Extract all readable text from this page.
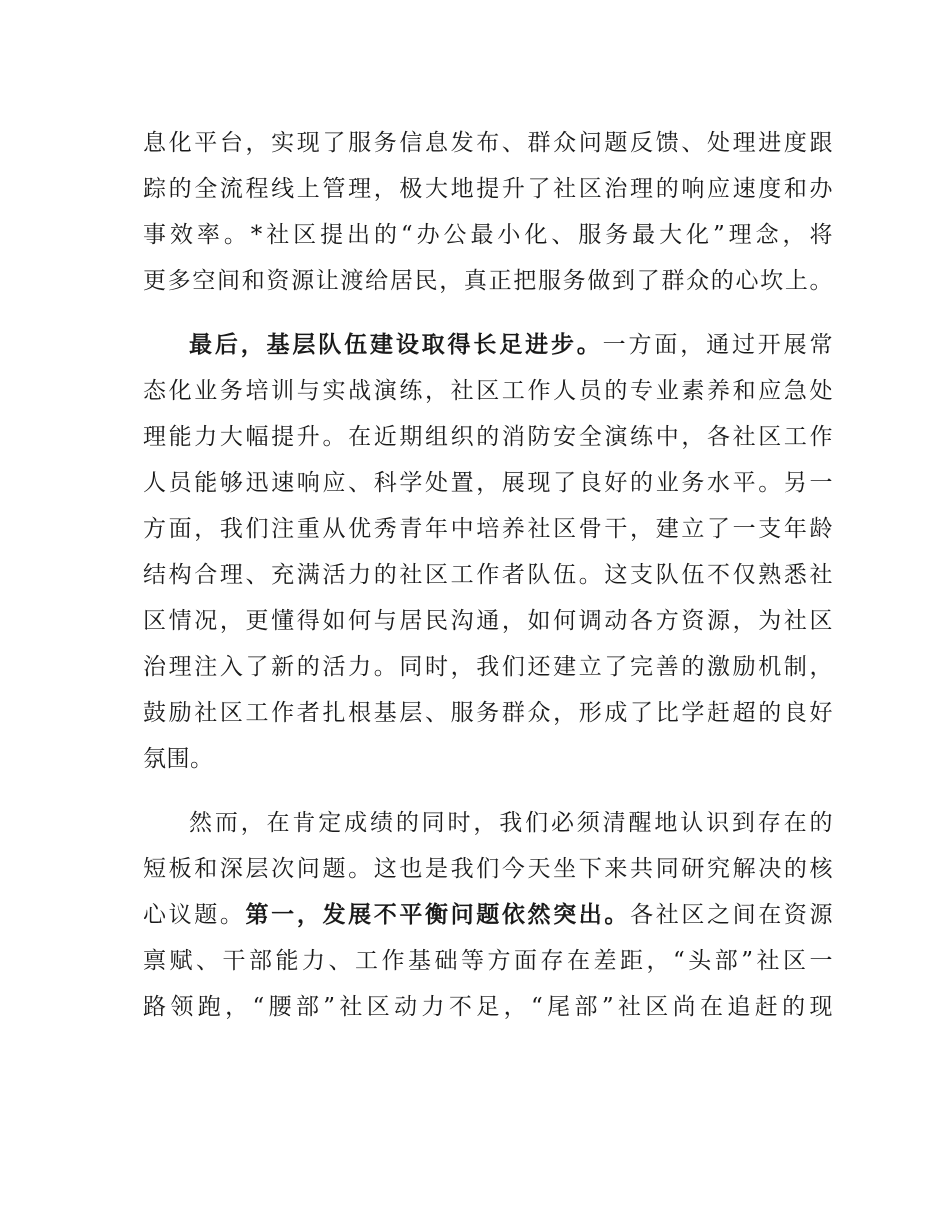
息化平台，实现了服务信息发布、群众问题反馈、处理进度跟
踪的全流程线上管理，极大地提升了社区治理的响应速度和办
事效率。*社区提出的“办公最小化、服务最大化”理念，将
更多空间和资源让渡给居民，真正把服务做到了群众的心坎上。
最后，基层队伍建设取得长足进步。一方面，通过开展常
态化业务培训与实战演练，社区工作人员的专业素养和应急处
理能力大幅提升。在近期组织的消防安全演练中，各社区工作
人员能够迅速响应、科学处置，展现了良好的业务水平。另一
方面，我们注重从优秀青年中培养社区骨干，建立了一支年龄
结构合理、充满活力的社区工作者队伍。这支队伍不仅熟悉社
区情况，更懂得如何与居民沟通，如何调动各方资源，为社区
治理注入了新的活力。同时，我们还建立了完善的激励机制，
鼓励社区工作者扎根基层、服务群众，形成了比学赶超的良好
氛围。
然而，在肯定成绩的同时，我们必须清醒地认识到存在的
短板和深层次问题。这也是我们今天坐下来共同研究解决的核
心议题。第一，发展不平衡问题依然突出。各社区之间在资源
禀赋、干部能力、工作基础等方面存在差距，“头部”社区一
路领跑，“腰部”社区动力不足，“尾部”社区尚在追赶的现
